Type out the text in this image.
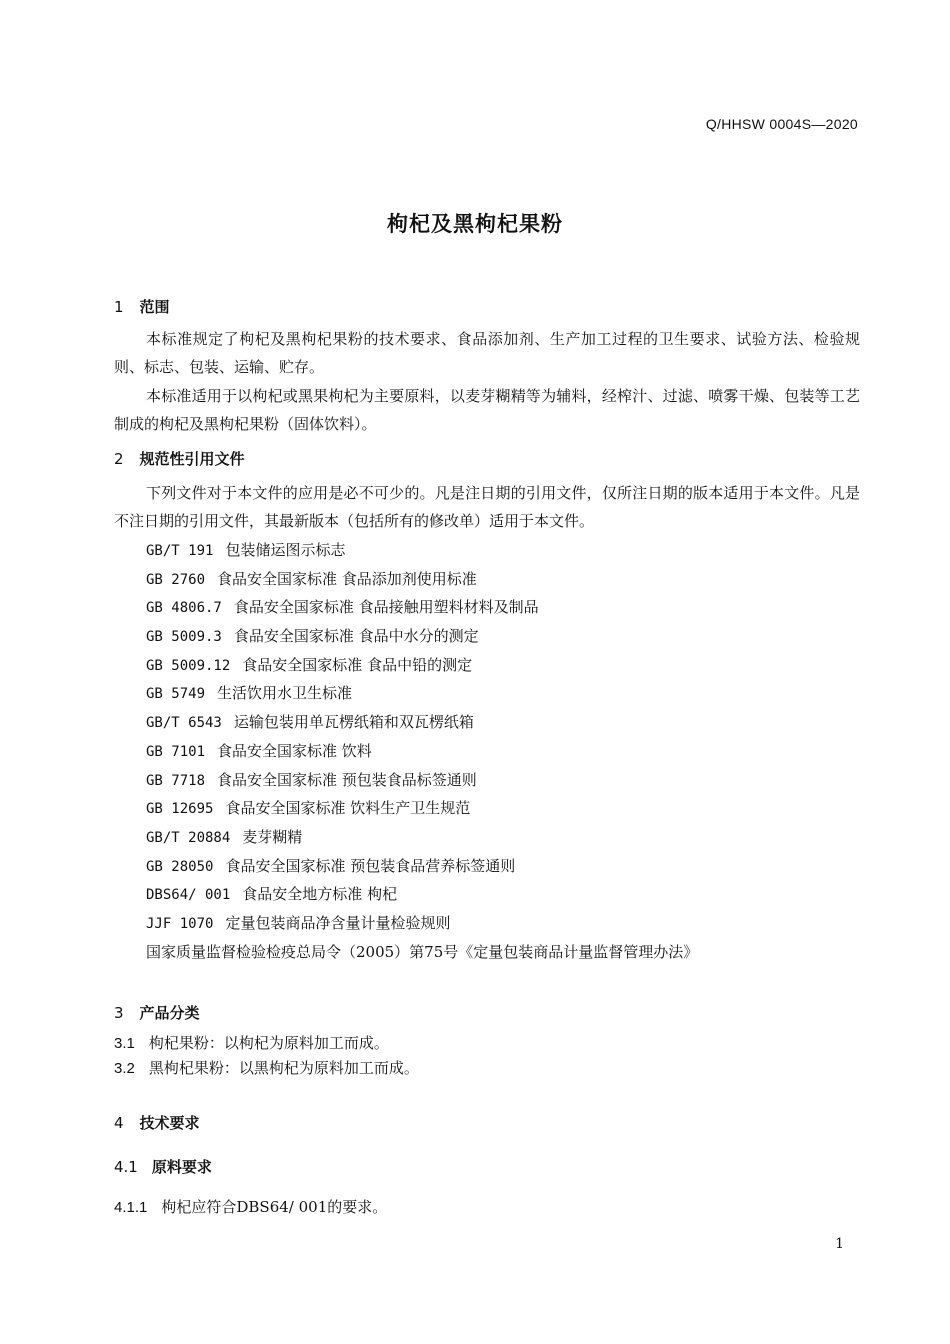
Q/HHSW 0004S—2020
枸杞及黑枸杞果粉
1 范围

本标准规定了枸杞及黑枸杞果粉的技术要求、食品添加剂、生产加工过程的卫生要求、试验方法、检验规则、标志、包装、运输、贮存。

本标准适用于以枸杞或黑果枸杞为主要原料，以麦芽糊精等为辅料，经榨汁、过滤、喷雾干燥、包装等工艺制成的枸杞及黑枸杞果粉（固体饮料）。

2 规范性引用文件

下列文件对于本文件的应用是必不可少的。凡是注日期的引用文件，仅所注日期的版本适用于本文件。凡是不注日期的引用文件，其最新版本（包括所有的修改单）适用于本文件。

GB/T 191 包装储运图示标志
GB 2760 食品安全国家标准 食品添加剂使用标准
GB 4806.7 食品安全国家标准 食品接触用塑料材料及制品
GB 5009.3 食品安全国家标准 食品中水分的测定
GB 5009.12 食品安全国家标准 食品中铅的测定
GB 5749 生活饮用水卫生标准
GB/T 6543 运输包装用单瓦楞纸箱和双瓦楞纸箱
GB 7101 食品安全国家标准 饮料
GB 7718 食品安全国家标准 预包装食品标签通则
GB 12695 食品安全国家标准 饮料生产卫生规范
GB/T 20884 麦芽糊精
GB 28050 食品安全国家标准 预包装食品营养标签通则
DBS64/ 001 食品安全地方标准 枸杞
JJF 1070 定量包装商品净含量计量检验规则
国家质量监督检验检疫总局令（2005）第75号《定量包装商品计量监督管理办法》
3 产品分类
3.1 枸杞果粉：以枸杞为原料加工而成。
3.2 黑枸杞果粉：以黑枸杞为原料加工而成。
4 技术要求
4.1 原料要求
4.1.1 枸杞应符合DBS64/ 001的要求。
1
